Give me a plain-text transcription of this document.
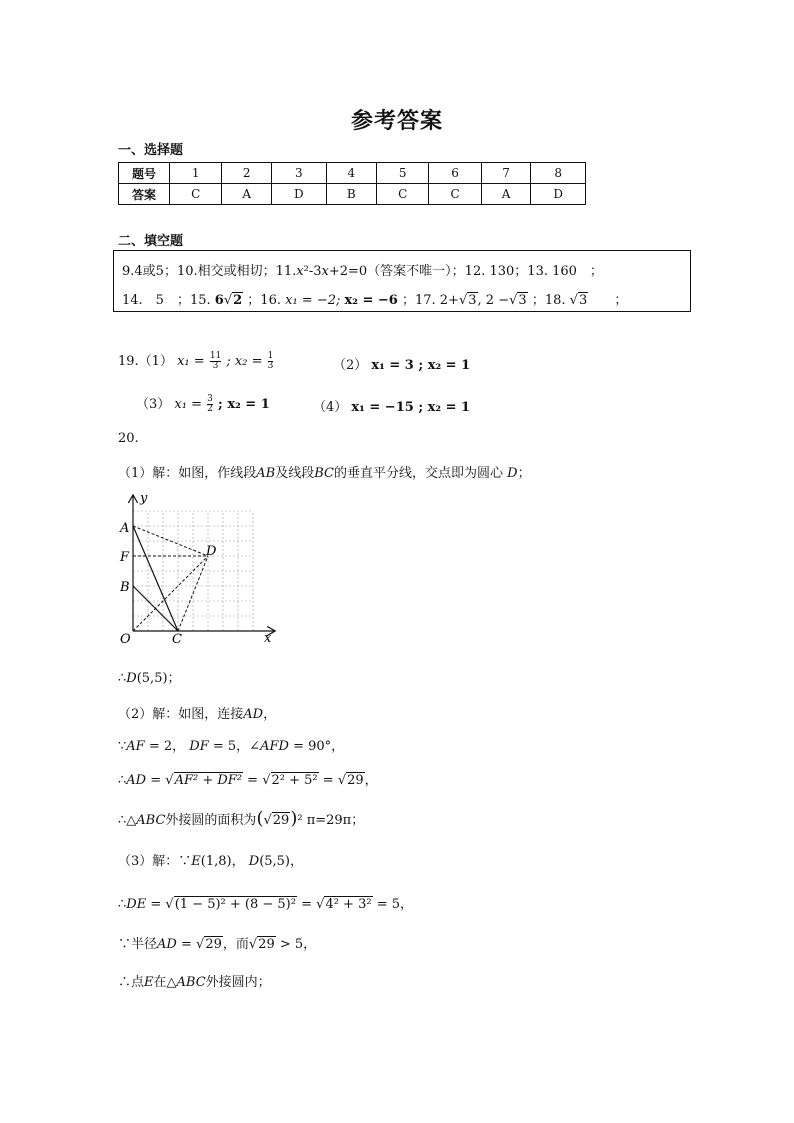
参考答案
一、选择题
题号	1	2	3	4	5	6	7	8
答案	C	A	D	B	C	C	A	D
二、填空题
9.4或5；10.相交或相切；11.x²-3x+2=0（答案不唯一）；12. 130；13. 160　；
14.　5　；15. 6√2 ；16. x₁ = −2; x₂ = −6 ；17. 2+√3, 2 −√3 ；18. √3 ；
19.（1） $x_1 = \frac{11}{3}$ ; $x_2 = \frac{1}{3}$	（2） x₁ = 3 ; x₂ = 1
（3） $x_1 = \frac{3}{2}$ ; x₂ = 1	（4） x₁ = −15 ; x₂ = 1
20.
（1）解：如图，作线段AB及线段BC的垂直平分线，交点即为圆心 D；
y
x
A
F
B
O	C
D
∴D(5,5)；
（2）解：如图，连接AD，
∵AF = 2， DF = 5，∠AFD = 90°，
∴AD = √AF² + DF² = √2² + 5² = √29，
∴△ABC外接圆的面积为(√29)² π=29π；
（3）解：∵E(1,8)， D(5,5)，
∴DE = √(1 − 5)² + (8 − 5)² = √4² + 3² = 5，
∵半径AD = √29，而√29 > 5，
∴点E在△ABC外接圆内；
